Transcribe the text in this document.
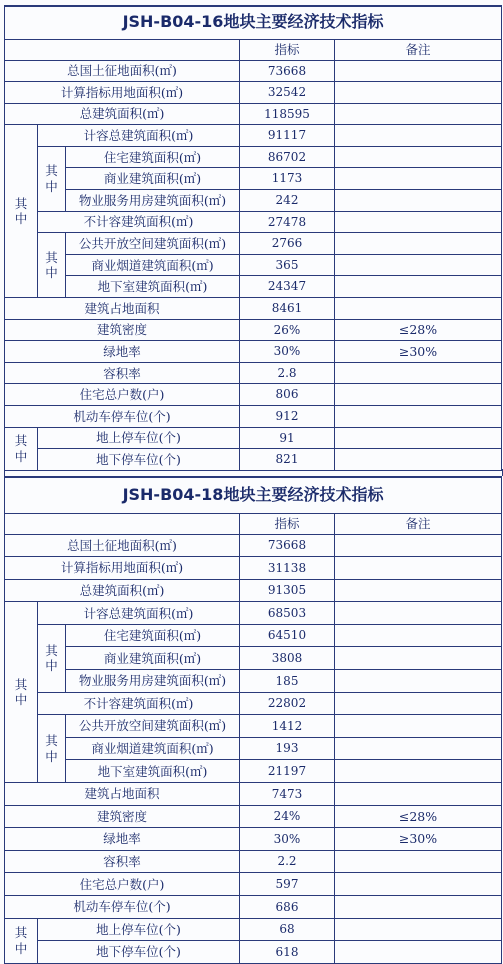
JSH-B04-16地块主要经济技术指标				
			指标	备注
总国土征地面积(㎡)			73668	
计算指标用地面积(㎡)			32542	
总建筑面积(㎡)			118595	

其
中	计容总建筑面积(㎡)		91117	

	其
中	住宅建筑面积(㎡)	86702	
		商业建筑面积(㎡)	1173	
		物业服务用房建筑面积(㎡)	242	
	不计容建筑面积(㎡)		27478	

	其
中	公共开放空间建筑面积(㎡)	2766	
		商业烟道建筑面积(㎡)	365	
		地下室建筑面积(㎡)	24347	
建筑占地面积			8461	
建筑密度			26%	≤28%
绿地率			30%	≥30%
容积率			2.8	
住宅总户数(户)			806	
机动车停车位(个)			912	

其
中	地上停车位(个)		91	
	地下停车位(个)		821	
JSH-B04-18地块主要经济技术指标				
			指标	备注
总国土征地面积(㎡)			73668	
计算指标用地面积(㎡)			31138	
总建筑面积(㎡)			91305	

其
中	计容总建筑面积(㎡)		68503	

	其
中	住宅建筑面积(㎡)	64510	
		商业建筑面积(㎡)	3808	
		物业服务用房建筑面积(㎡)	185	
	不计容建筑面积(㎡)		22802	

	其
中	公共开放空间建筑面积(㎡)	1412	
		商业烟道建筑面积(㎡)	193	
		地下室建筑面积(㎡)	21197	
建筑占地面积			7473	
建筑密度			24%	≤28%
绿地率			30%	≥30%
容积率			2.2	
住宅总户数(户)			597	
机动车停车位(个)			686	

其
中	地上停车位(个)		68	
	地下停车位(个)		618	
